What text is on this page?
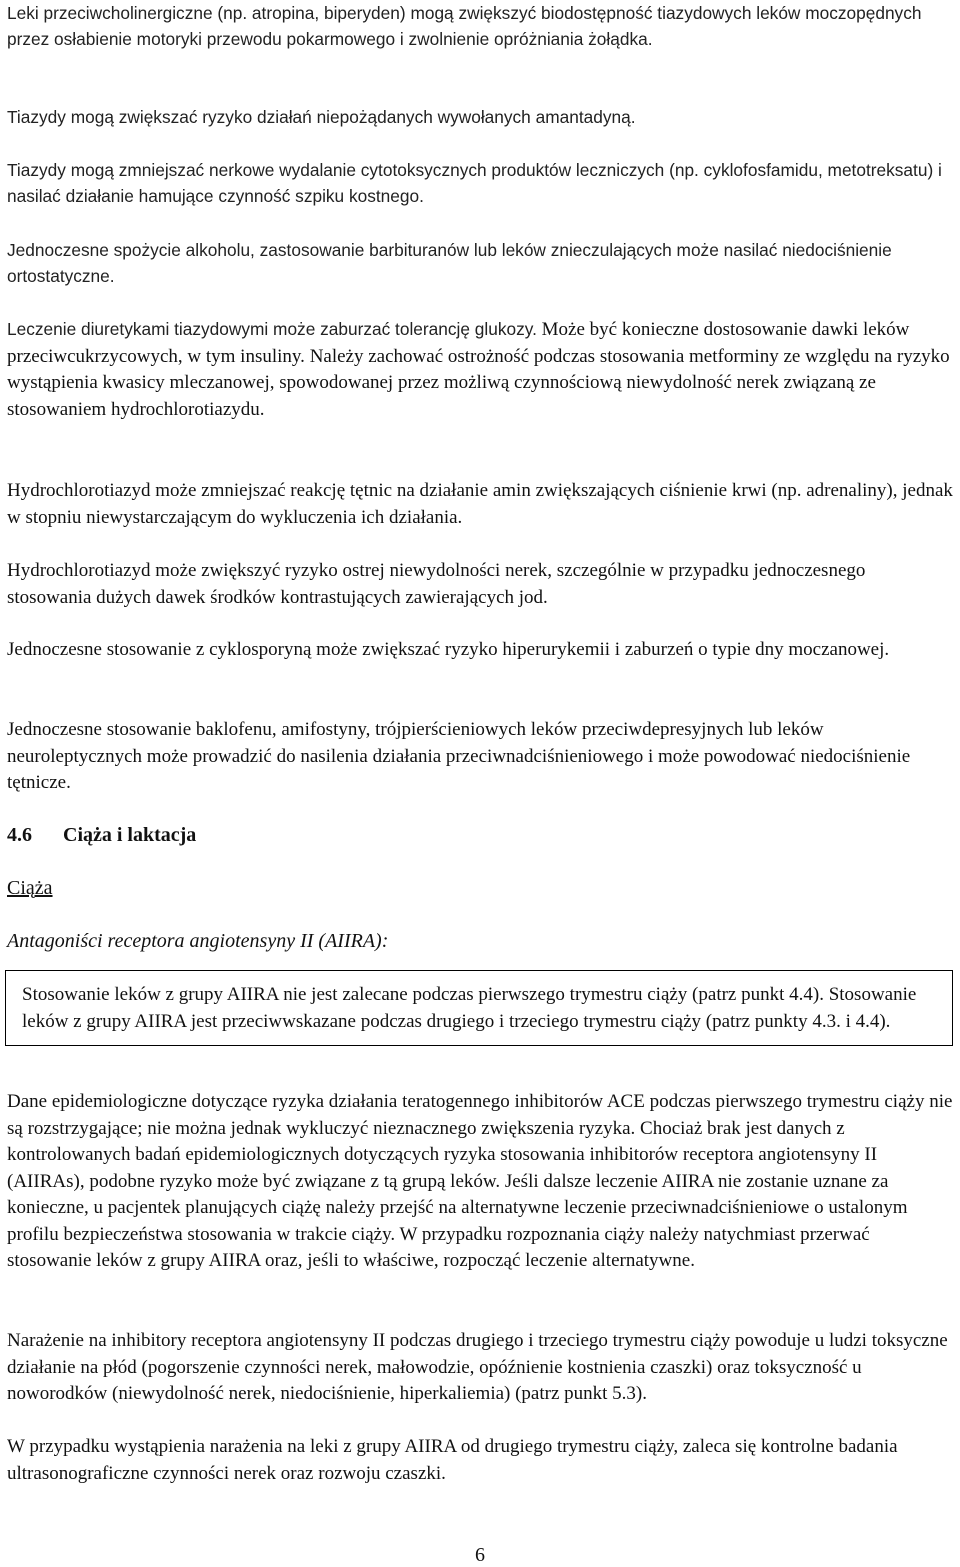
Leki przeciwcholinergiczne (np. atropina, biperyden) mogą zwiększyć biodostępność tiazydowych leków moczopędnych przez osłabienie motoryki przewodu pokarmowego i zwolnienie opróżniania żołądka.

Tiazydy mogą zwiększać ryzyko działań niepożądanych wywołanych amantadyną.

Tiazydy mogą zmniejszać nerkowe wydalanie cytotoksycznych produktów leczniczych (np. cyklofosfamidu, metotreksatu) i nasilać działanie hamujące czynność szpiku kostnego.

Jednoczesne spożycie alkoholu, zastosowanie barbituranów lub leków znieczulających może nasilać niedociśnienie ortostatyczne.

Leczenie diuretykami tiazydowymi może zaburzać tolerancję glukozy. Może być konieczne dostosowanie dawki leków przeciwcukrzycowych, w tym insuliny. Należy zachować ostrożność podczas stosowania metforminy ze względu na ryzyko wystąpienia kwasicy mleczanowej, spowodowanej przez możliwą czynnościową niewydolność nerek związaną ze stosowaniem hydrochlorotiazydu.

Hydrochlorotiazyd może zmniejszać reakcję tętnic na działanie amin zwiększających ciśnienie krwi (np. adrenaliny), jednak w stopniu niewystarczającym do wykluczenia ich działania.

Hydrochlorotiazyd może zwiększyć ryzyko ostrej niewydolności nerek, szczególnie w przypadku jednoczesnego stosowania dużych dawek środków kontrastujących zawierających jod.

Jednoczesne stosowanie z cyklosporyną może zwiększać ryzyko hiperurykemii i zaburzeń o typie dny moczanowej.

Jednoczesne stosowanie baklofenu, amifostyny, trójpierścieniowych leków przeciwdepresyjnych lub leków neuroleptycznych może prowadzić do nasilenia działania przeciwnadciśnieniowego i może powodować niedociśnienie tętnicze.

4.6 Ciąża i laktacja

Ciąża

Antagoniści receptora angiotensyny II (AIIRA):

Stosowanie leków z grupy AIIRA nie jest zalecane podczas pierwszego trymestru ciąży (patrz punkt 4.4). Stosowanie leków z grupy AIIRA jest przeciwwskazane podczas drugiego i trzeciego trymestru ciąży (patrz punkty 4.3. i 4.4).

Dane epidemiologiczne dotyczące ryzyka działania teratogennego inhibitorów ACE podczas pierwszego trymestru ciąży nie są rozstrzygające; nie można jednak wykluczyć nieznacznego zwiększenia ryzyka. Chociaż brak jest danych z kontrolowanych badań epidemiologicznych dotyczących ryzyka stosowania inhibitorów receptora angiotensyny II (AIIRAs), podobne ryzyko może być związane z tą grupą leków. Jeśli dalsze leczenie AIIRA nie zostanie uznane za konieczne, u pacjentek planujących ciążę należy przejść na alternatywne leczenie przeciwnadciśnieniowe o ustalonym profilu bezpieczeństwa stosowania w trakcie ciąży. W przypadku rozpoznania ciąży należy natychmiast przerwać stosowanie leków z grupy AIIRA oraz, jeśli to właściwe, rozpocząć leczenie alternatywne.

Narażenie na inhibitory receptora angiotensyny II podczas drugiego i trzeciego trymestru ciąży powoduje u ludzi toksyczne działanie na płód (pogorszenie czynności nerek, małowodzie, opóźnienie kostnienia czaszki) oraz toksyczność u noworodków (niewydolność nerek, niedociśnienie, hiperkaliemia) (patrz punkt 5.3).

W przypadku wystąpienia narażenia na leki z grupy AIIRA od drugiego trymestru ciąży, zaleca się kontrolne badania ultrasonograficzne czynności nerek oraz rozwoju czaszki.

6
